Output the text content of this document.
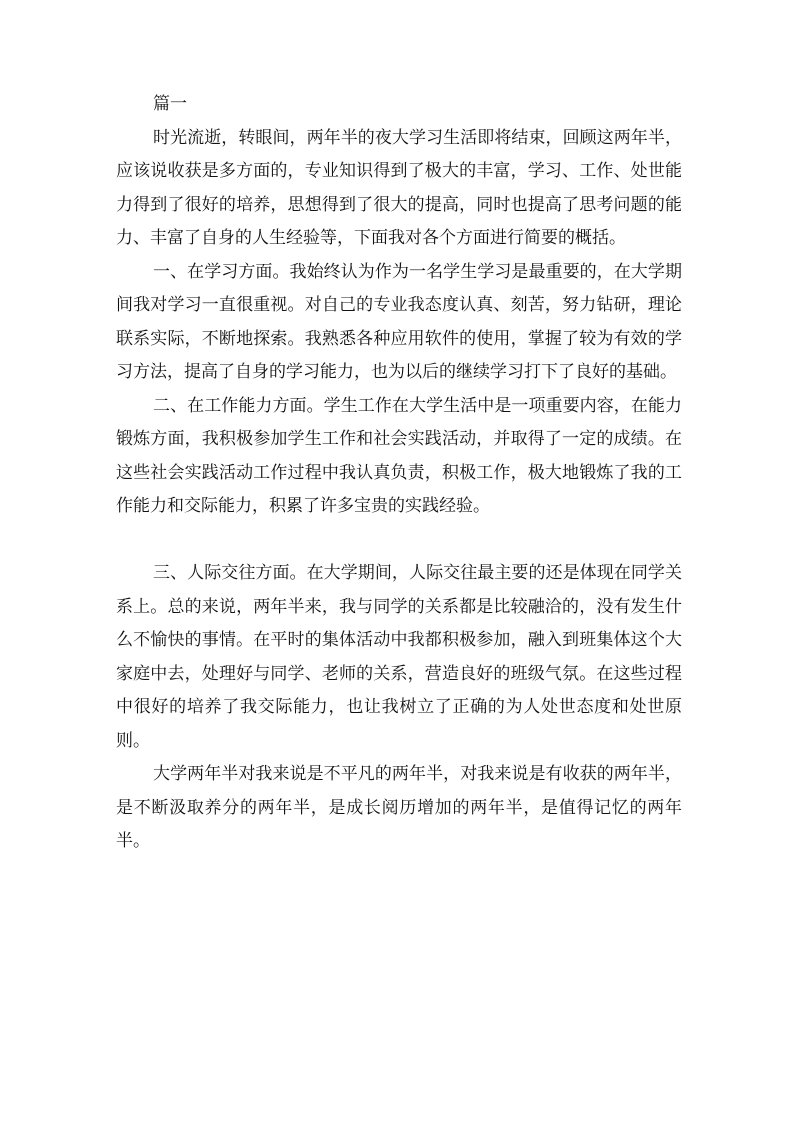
篇一

时光流逝，转眼间，两年半的夜大学习生活即将结束，回顾这两年半，应该说收获是多方面的，专业知识得到了极大的丰富，学习、工作、处世能力得到了很好的培养，思想得到了很大的提高，同时也提高了思考问题的能力、丰富了自身的人生经验等，下面我对各个方面进行简要的概括。

一、在学习方面。我始终认为作为一名学生学习是最重要的，在大学期间我对学习一直很重视。对自己的专业我态度认真、刻苦，努力钻研，理论联系实际，不断地探索。我熟悉各种应用软件的使用，掌握了较为有效的学习方法，提高了自身的学习能力，也为以后的继续学习打下了良好的基础。

二、在工作能力方面。学生工作在大学生活中是一项重要内容，在能力锻炼方面，我积极参加学生工作和社会实践活动，并取得了一定的成绩。在这些社会实践活动工作过程中我认真负责，积极工作，极大地锻炼了我的工作能力和交际能力，积累了许多宝贵的实践经验。

三、人际交往方面。在大学期间，人际交往最主要的还是体现在同学关系上。总的来说，两年半来，我与同学的关系都是比较融洽的，没有发生什么不愉快的事情。在平时的集体活动中我都积极参加，融入到班集体这个大家庭中去，处理好与同学、老师的关系，营造良好的班级气氛。在这些过程中很好的培养了我交际能力，也让我树立了正确的为人处世态度和处世原则。

大学两年半对我来说是不平凡的两年半，对我来说是有收获的两年半，是不断汲取养分的两年半，是成长阅历增加的两年半，是值得记忆的两年半。
